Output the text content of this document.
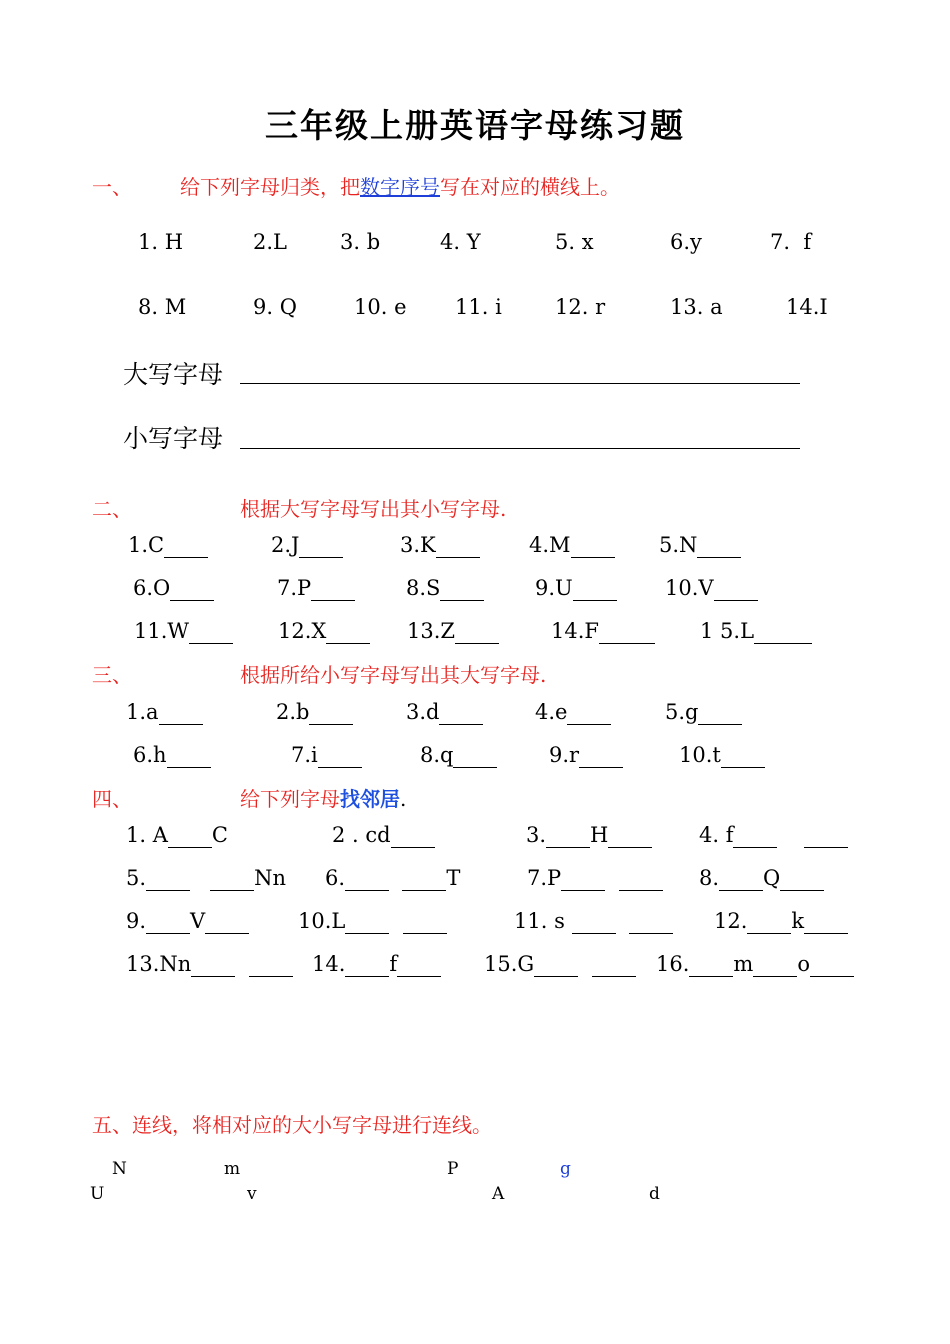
三年级上册英语字母练习题
一、 给下列字母归类，把数字序号写在对应的横线上。
1. H	2.L	3. b	4. Y	5. x	6.y	7.  f
8. M	9. Q	10. e 11. i	12. r	13. a	14.I
大写字母
小写字母
二、	根据大写字母写出其小写字母.
1.C	2.J	3.K	4.M	5.N
6.O	7.P	8.S	9.U	10.V
11.W	12.X	13.Z	14.F	1 5.L
三、	根据所给小写字母写出其大写字母.
1.a	2.b	3.d	4.e	5.g
6.h	7.i	8.q	9.r	10.t
四、	给下列字母找邻居.
1. A C	2 . cd	3. H	4. f
5.	Nn 6.	T	7.P	8. Q
9. V	10.L	11. s	12. k
13.Nn	14. f	15.G	16. m o
五、连线，将相对应的大小写字母进行连线。
N	m	P	g
U	v	A	d
